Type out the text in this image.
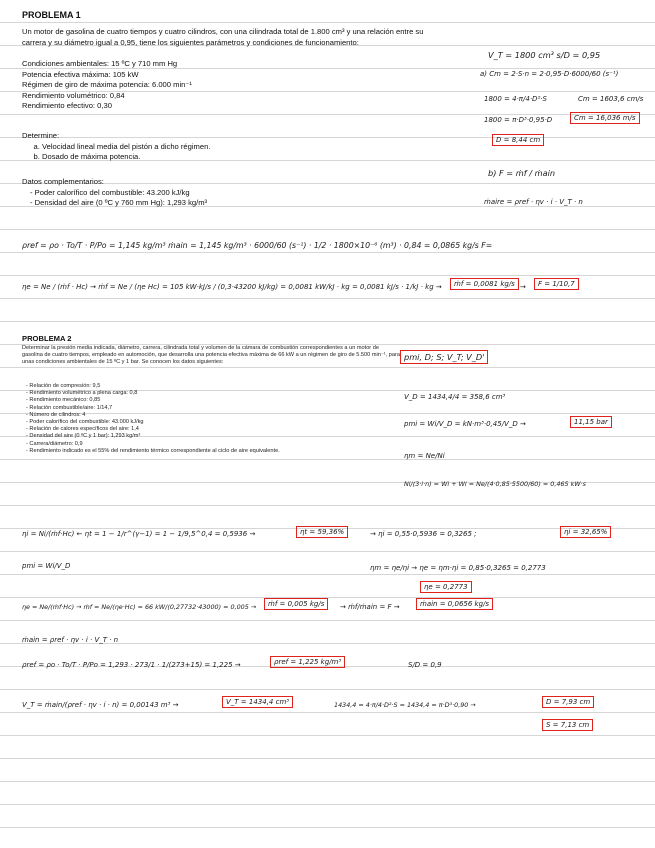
PROBLEMA 1
Un motor de gasolina de cuatro tiempos y cuatro cilindros, con una cilindrada total de 1.800 cm³ y una relación entre su carrera y su diámetro igual a 0,95, tiene los siguientes parámetros y condiciones de funcionamiento:
Condiciones ambientales: 15 ºC y 710 mm Hg
Potencia efectiva máxima: 105 kW
Régimen de giro de máxima potencia: 6.000 min⁻¹
Rendimiento volumétrico: 0,84
Rendimiento efectivo: 0,30
Determine:
a. Velocidad lineal media del pistón a dicho régimen.
b. Dosado de máxima potencia.
Datos complementarios:
- Poder calorífico del combustible: 43.200 kJ/kg
- Densidad del aire (0 ºC y 760 mm Hg): 1,293 kg/m³
V_T = 1800 cm³ s/D = 0,95
a) Cm = 2·S·n = 2·0,95·D·6000/60 (s⁻¹)
1800 = 4·π/4·D²·S	Cm = 1603,6 cm/s
1800 = π·D³·0,95·D	Cm = 16,036 m/s
D = 8,44 cm
b) F = ṁf / ṁain
ṁaire = ρref · ηv · i · V_T · n
ρref = ρo · To/T · P/Po = 1,145 kg/m³ ṁain = 1,145 kg/m³ · 6000/60 (s⁻¹) · 1/2 · 1800×10⁻⁶ (m³) · 0,84 = 0,0865 kg/s F=
ηe = Ne / (ṁf · Hc) → ṁf = Ne / (ηe Hc) = 105 kW·kJ/s / (0,3·43200 kJ/kg) = 0,0081 kW/kJ · kg = 0,0081 kJ/s · 1/kJ · kg →	ṁf = 0,0081 kg/s →	F = 1/10,7
PROBLEMA 2
Determinar la presión media indicada, diámetro, carrera, cilindrada total y volumen de la cámara de combustión correspondientes a un motor de gasolina de cuatro tiempos, empleado en automoción, que desarrolla una potencia efectiva máxima de 66 kW a un régimen de giro de 5.500 min⁻¹, para unas condiciones ambientales de 15 ºC y 1 bar. Se conocen los datos siguientes:
- Relación de compresión: 9,5
- Rendimiento volumétrico a plena carga: 0,8
- Rendimiento mecánico: 0,85
- Relación combustible/aire: 1/14,7
- Número de cilindros: 4
- Poder calorífico del combustible: 43.000 kJ/kg
- Relación de calores específicos del aire: 1,4
- Densidad del aire (0 ºC y 1 bar): 1,293 kg/m³
- Carrera/diámetro: 0,9
- Rendimiento indicado es el 55% del rendimiento térmico correspondiente al ciclo de aire equivalente.
pmi, D; S; V_T; V_D'
V_D = 1434,4/4 = 358,6 cm³
pmi = Wi/V_D = kN·m³·0,45/V_D →	11,15 bar
ηm = Ne/Ni
Ni/(3·i·n) = Wi + Wi = Ne/(4·0,85·5500/60) = 0,465 kW·s
ηi = Ni/(ṁf·Hc) ← ηt = 1 − 1/r^(γ−1) = 1 − 1/9,5^0,4 = 0,5936 →	ηt = 59,36%	→ ηi = 0,55·0,5936 = 0,3265 ;	ηi = 32,65%
pmi = Wi/V_D	ηm = ηe/ηi → ηe = ηm·ηi = 0,85·0,3265 = 0,2773
ηe = 0,2773
ηe = Ne/(ṁf·Hc) → ṁf = Ne/(ηe·Hc) = 66 kW/(0,27732·43000) = 0,005 →	ṁf = 0,005 kg/s	→ ṁf/ṁain = F →	ṁain = 0,0656 kg/s
ṁain = ρref · ηv · i · V_T · n
ρref = ρo · To/T · P/Po = 1,293 · 273/1 · 1/(273+15) = 1,225 →	ρref = 1,225 kg/m³	S/D = 0,9
V_T = ṁain/(ρref · ηv · i · n) = 0,00143 m³ →	V_T = 1434,4 cm³	1434,4 = 4·π/4·D²·S = 1434,4 = π·D³·0,90 →	D = 7,93 cm
S = 7,13 cm
